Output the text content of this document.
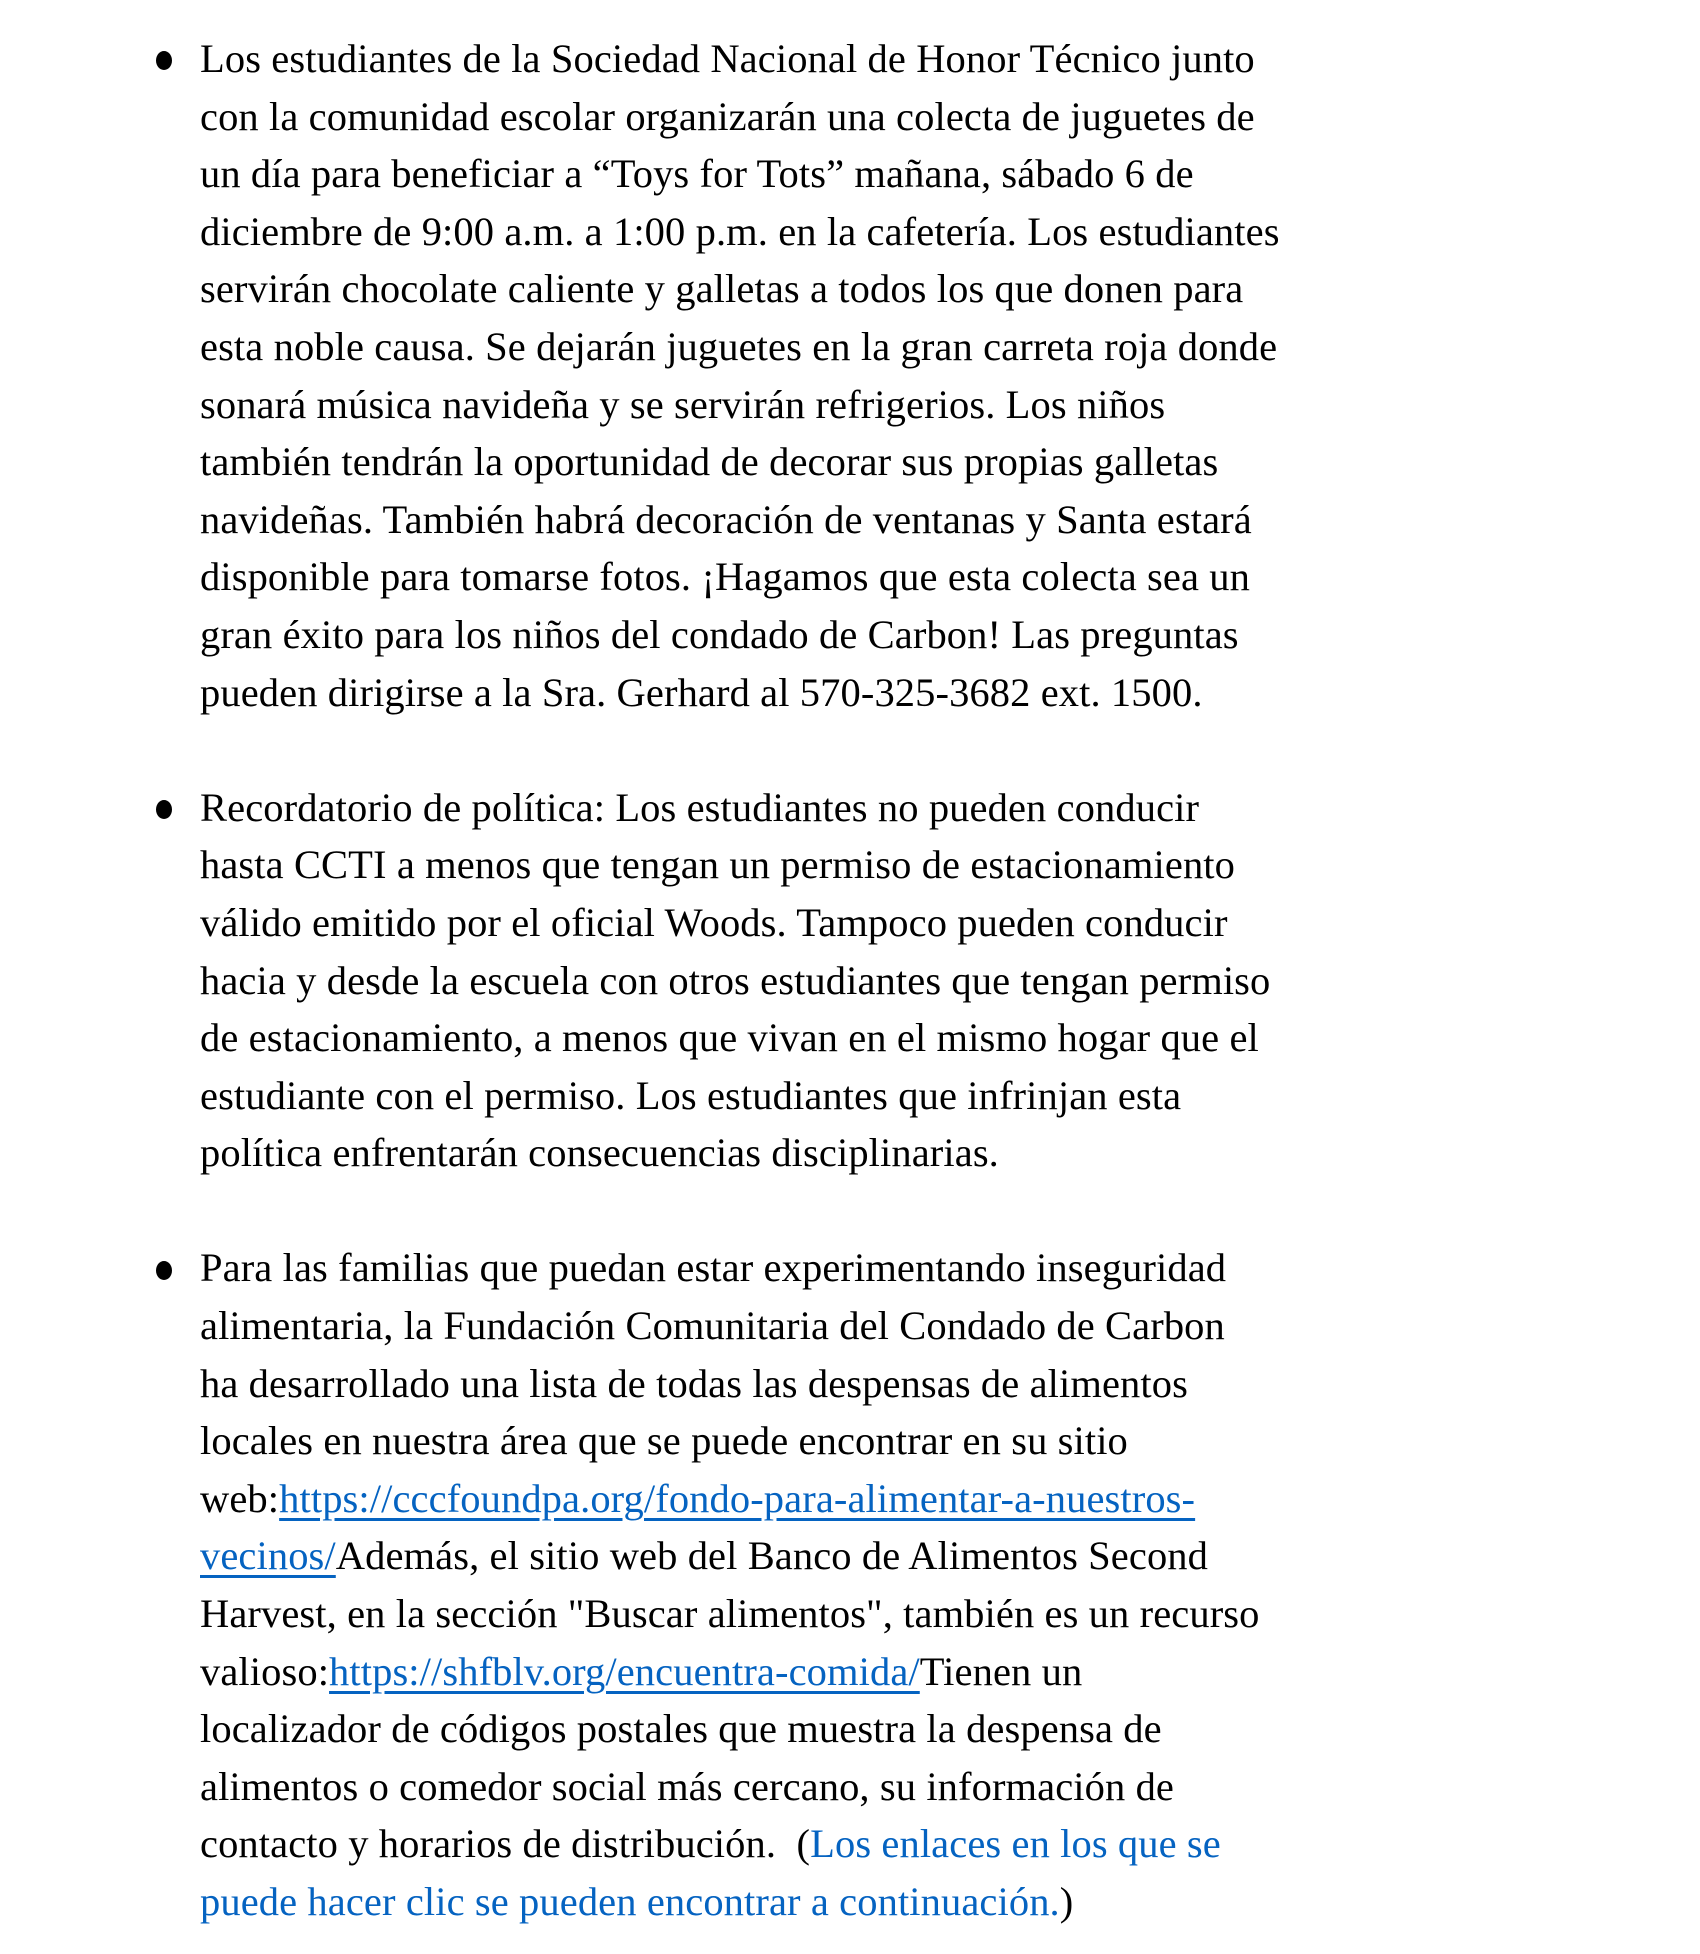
Los estudiantes de la Sociedad Nacional de Honor Técnico junto
con la comunidad escolar organizarán una colecta de juguetes de
un día para beneficiar a “Toys for Tots” mañana, sábado 6 de
diciembre de 9:00 a.m. a 1:00 p.m. en la cafetería. Los estudiantes
servirán chocolate caliente y galletas a todos los que donen para
esta noble causa. Se dejarán juguetes en la gran carreta roja donde
sonará música navideña y se servirán refrigerios. Los niños
también tendrán la oportunidad de decorar sus propias galletas
navideñas. También habrá decoración de ventanas y Santa estará
disponible para tomarse fotos. ¡Hagamos que esta colecta sea un
gran éxito para los niños del condado de Carbon! Las preguntas
pueden dirigirse a la Sra. Gerhard al 570-325-3682 ext. 1500.
Recordatorio de política: Los estudiantes no pueden conducir
hasta CCTI a menos que tengan un permiso de estacionamiento
válido emitido por el oficial Woods. Tampoco pueden conducir
hacia y desde la escuela con otros estudiantes que tengan permiso
de estacionamiento, a menos que vivan en el mismo hogar que el
estudiante con el permiso. Los estudiantes que infrinjan esta
política enfrentarán consecuencias disciplinarias.
Para las familias que puedan estar experimentando inseguridad
alimentaria, la Fundación Comunitaria del Condado de Carbon
ha desarrollado una lista de todas las despensas de alimentos
locales en nuestra área que se puede encontrar en su sitio
web:https://cccfoundpa.org/fondo-para-alimentar-a-nuestros-
vecinos/Además, el sitio web del Banco de Alimentos Second
Harvest, en la sección "Buscar alimentos", también es un recurso
valioso:https://shfblv.org/encuentra-comida/Tienen un
localizador de códigos postales que muestra la despensa de
alimentos o comedor social más cercano, su información de
contacto y horarios de distribución.  (Los enlaces en los que se
puede hacer clic se pueden encontrar a continuación.)
